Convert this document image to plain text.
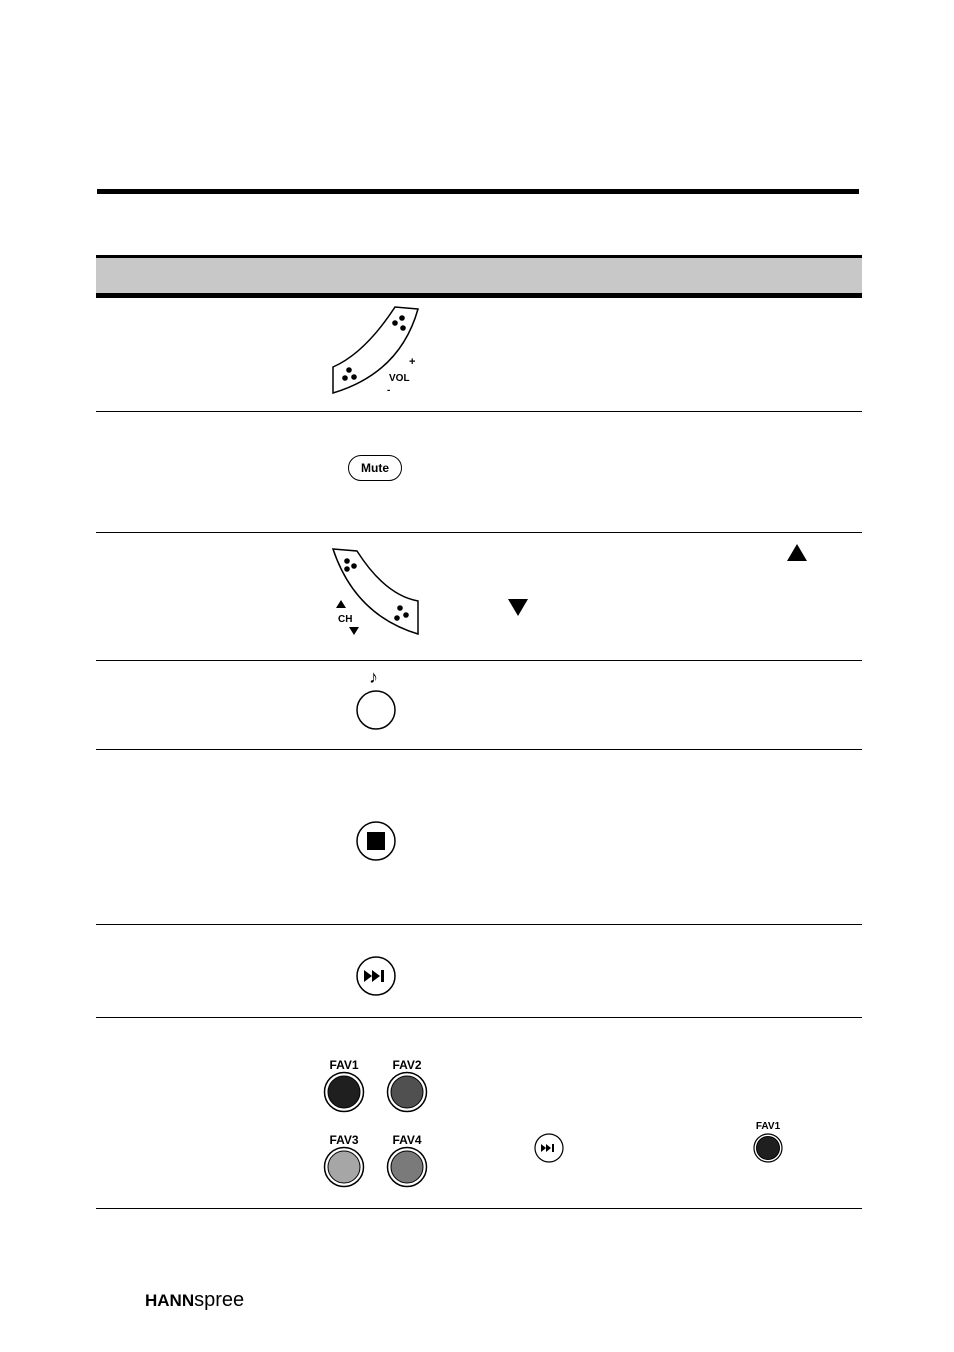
+
VOL
-
Mute
CH
♪
FAV1	FAV2
FAV3	FAV4
FAV1
HANNspree
